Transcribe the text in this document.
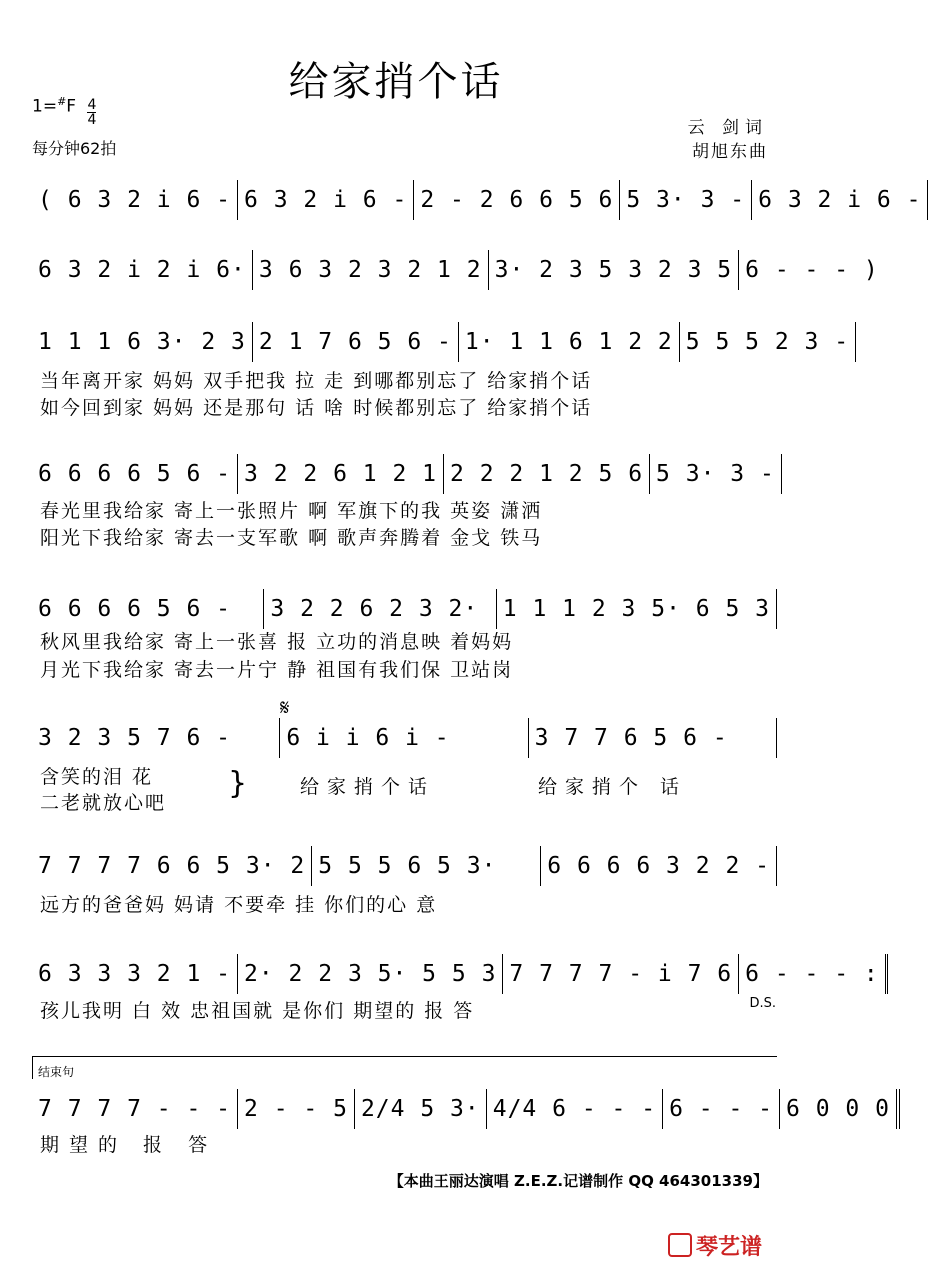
给家捎个话
$1=^{\#}F \frac{4}{4}$
每分钟62拍
云 剑词
胡旭东曲
( 6 3 2 i 6 - 6 3 2 i 6 - 2 - 2 6 6 5 6 5 3· 3 - 6 3 2 i 6 -
6 3 2 i 2 i 6· 3 6 3 2 3 2 1 2 3· 2 3 5 3 2 3 5 6 - - - )
1 1 1 6 3· 2 3 2 1 7 6 5 6 - 1· 1 1 6 1 2 2 5 5 5 2 3 -
当年离开家 妈妈 双手把我 拉 走 到哪都别忘了 给家捎个话
如今回到家 妈妈 还是那句 话 啥 时候都别忘了 给家捎个话
6 6 6 6 5 6 - 3 2 2 6 1 2 1 2 2 2 1 2 5 6 5 3· 3 -
春光里我给家 寄上一张照片 啊 军旗下的我 英姿 潇洒
阳光下我给家 寄去一支军歌 啊 歌声奔腾着 金戈 铁马
6 6 6 6 5 6 -	3 2 2 6 2 3 2·	1 1 1 2 3 5· 6 5 3
秋风里我给家 寄上一张喜 报 立功的消息映 着妈妈
月光下我给家 寄去一片宁 静 祖国有我们保 卫站岗
𝄋
3 2 3 5 7 6 -	6 i i 6 i -	3 7 7 6 5 6 -
含笑的泪 花
二老就放心吧
}	给家捎个话	给家捎个 话
7 7 7 7 6 6 5 3· 2 5 5 5 6 5 3·	6 6 6 6 3 2 2 -
远方的爸爸妈 妈请 不要牵 挂 你们的心 意
6 3 3 3 2 1 - 2· 2 2 3 5· 5 5 3 7 7 7 7 - i 7 6 6 - - - :
孩儿我明 白 效 忠祖国就 是你们 期望的 报 答	D.S.
结束句
7 7 7 7 - - - 2 - - 5 2/4 5 3· 4/4 6 - - - 6 - - - 6 0 0 0
期望的 报 答
【本曲王丽达演唱 Z.E.Z.记谱制作 QQ 464301339】
琴艺谱
